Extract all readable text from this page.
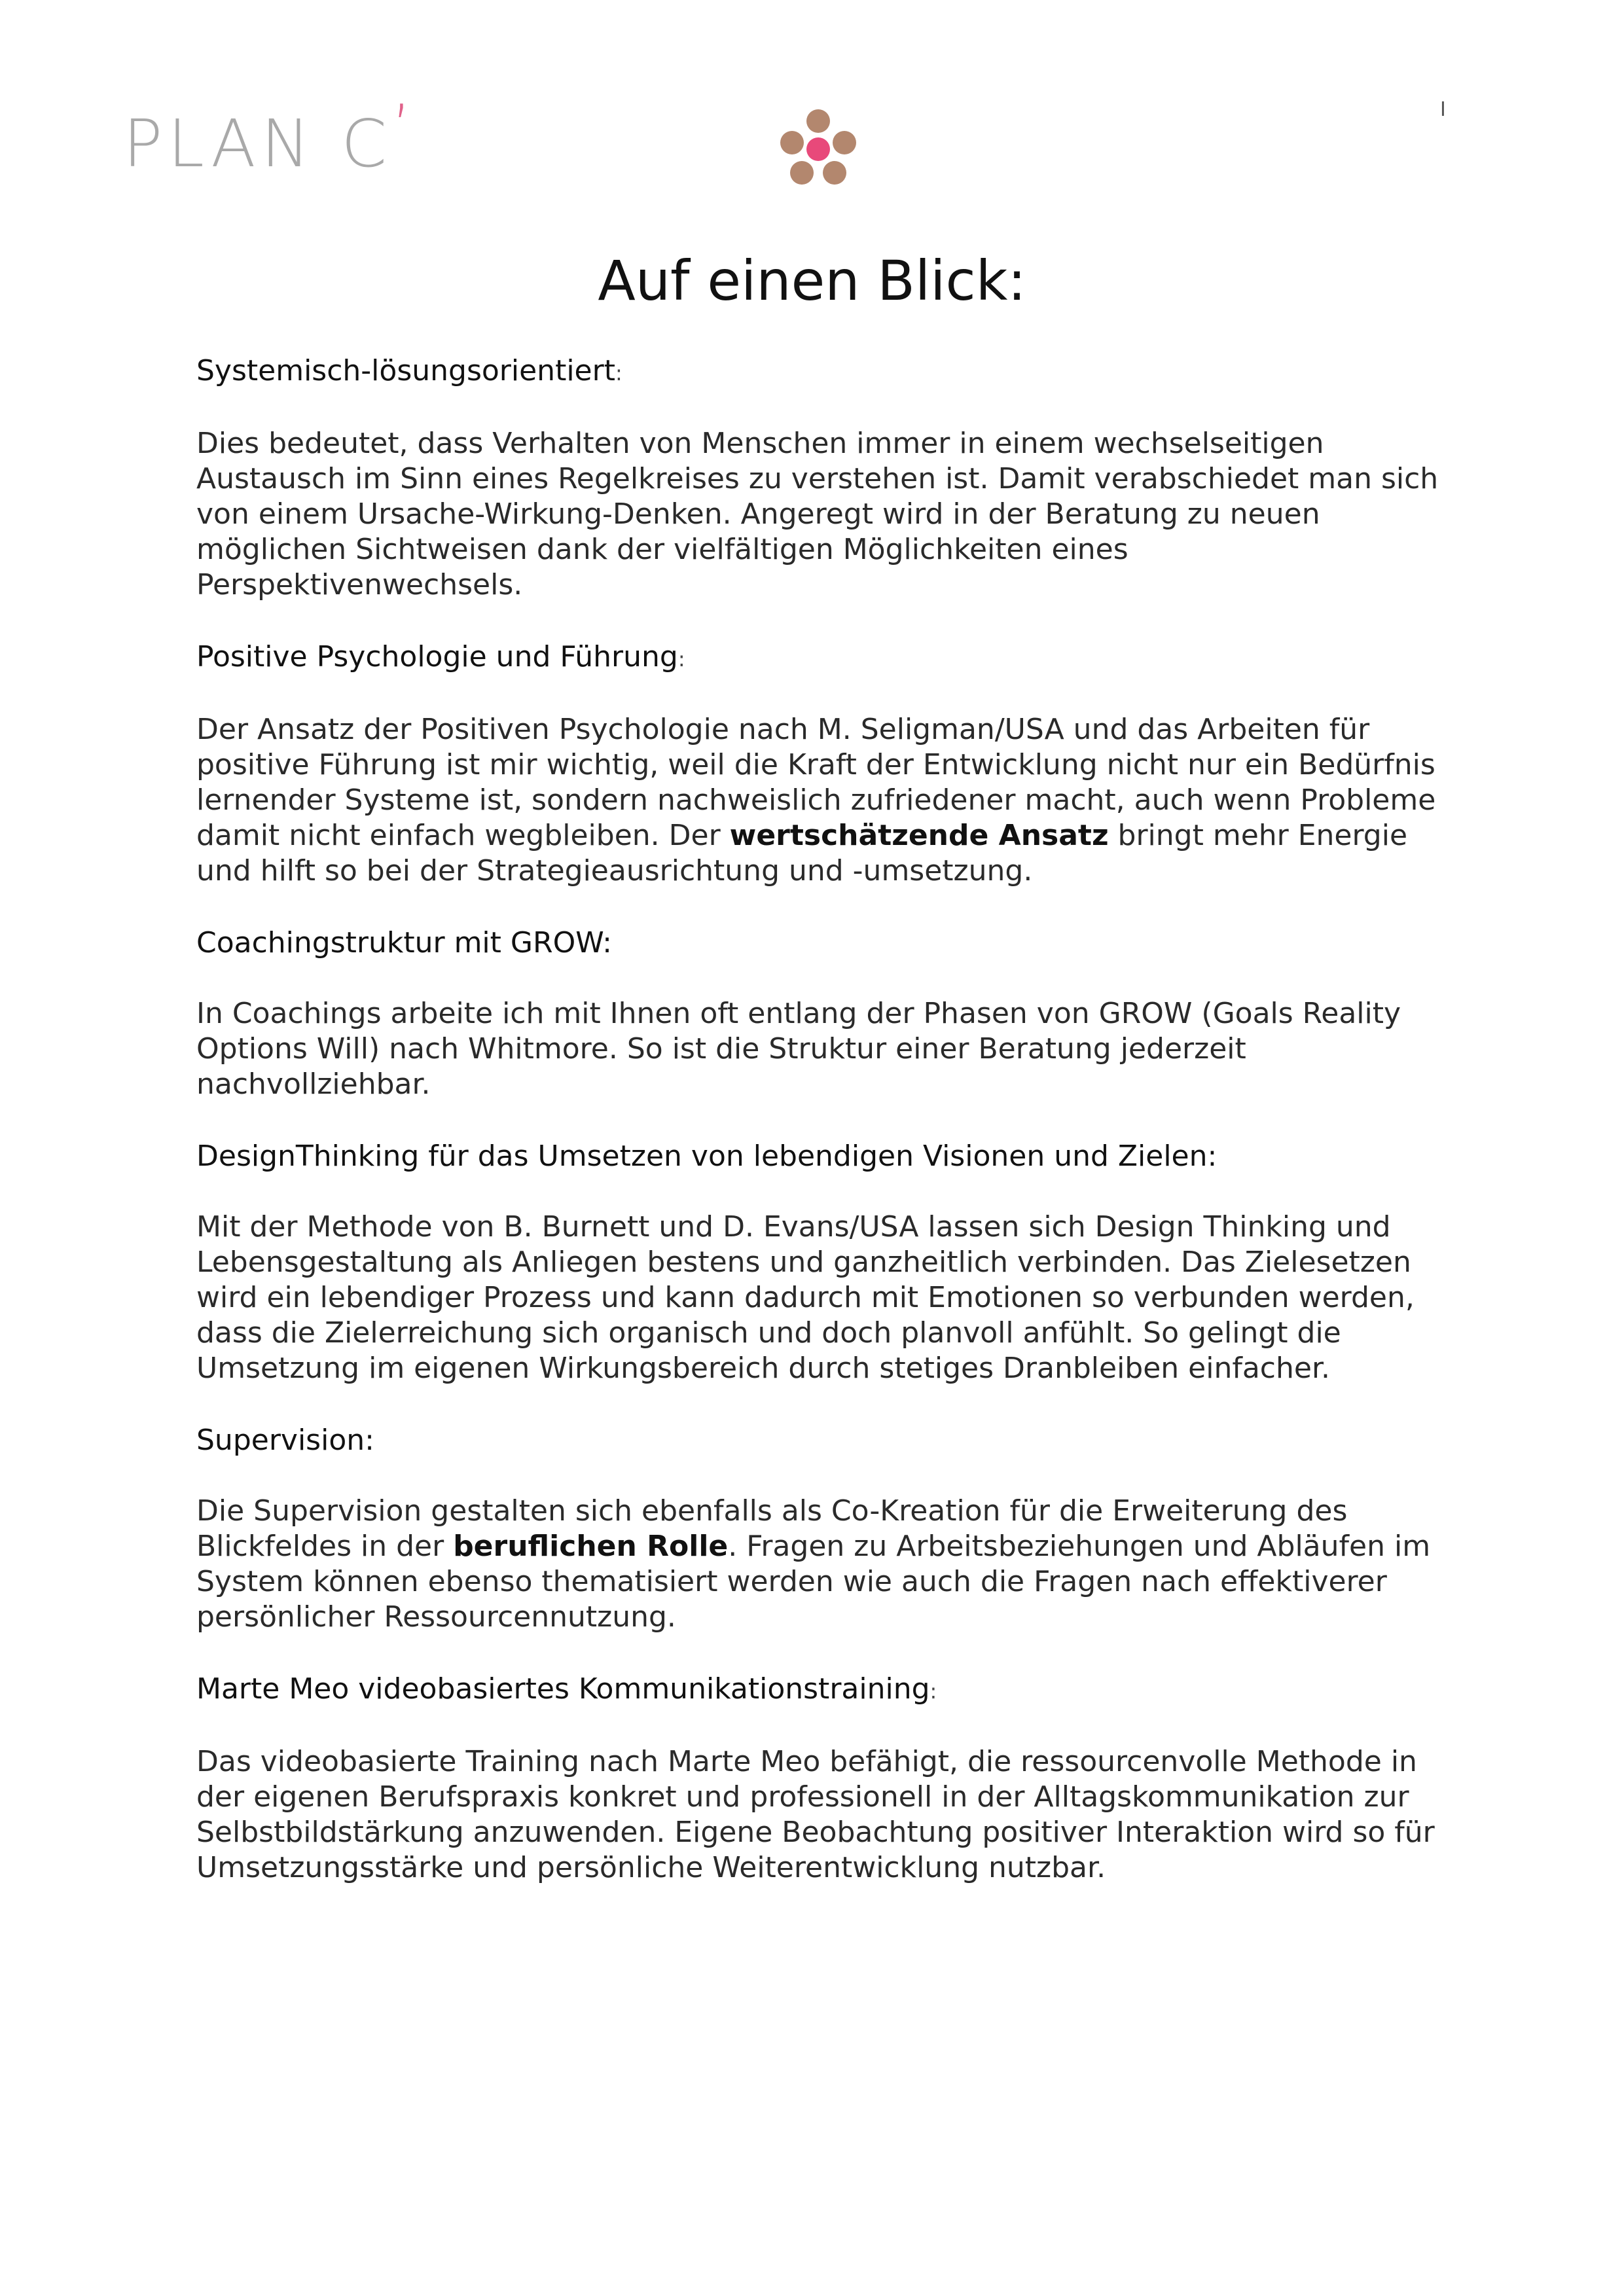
PLAN C’	I
Auf einen Blick:

Systemisch-lösungsorientiert:

Dies bedeutet, dass Verhalten von Menschen immer in einem wechselseitigen Austausch im Sinn eines Regelkreises zu verstehen ist. Damit verabschiedet man sich von einem Ursache-Wirkung-Denken. Angeregt wird in der Beratung zu neuen möglichen Sichtweisen dank der vielfältigen Möglichkeiten eines Perspektivenwechsels.

Positive Psychologie und Führung:

Der Ansatz der Positiven Psychologie nach M. Seligman/USA und das Arbeiten für positive Führung ist mir wichtig, weil die Kraft der Entwicklung nicht nur ein Bedürfnis lernender Systeme ist, sondern nachweislich zufriedener macht, auch wenn Probleme damit nicht einfach wegbleiben. Der wertschätzende Ansatz bringt mehr Energie und hilft so bei der Strategieausrichtung und -umsetzung.

Coachingstruktur mit GROW:

In Coachings arbeite ich mit Ihnen oft entlang der Phasen von GROW (Goals Reality Options Will) nach Whitmore. So ist die Struktur einer Beratung jederzeit nachvollziehbar.

DesignThinking für das Umsetzen von lebendigen Visionen und Zielen:

Mit der Methode von B. Burnett und D. Evans/USA lassen sich Design Thinking und Lebensgestaltung als Anliegen bestens und ganzheitlich verbinden. Das Zielesetzen wird ein lebendiger Prozess und kann dadurch mit Emotionen so verbunden werden, dass die Zielerreichung sich organisch und doch planvoll anfühlt. So gelingt die Umsetzung im eigenen Wirkungsbereich durch stetiges Dranbleiben einfacher.

Supervision:

Die Supervision gestalten sich ebenfalls als Co-Kreation für die Erweiterung des Blickfeldes in der beruflichen Rolle. Fragen zu Arbeitsbeziehungen und Abläufen im System können ebenso thematisiert werden wie auch die Fragen nach effektiverer persönlicher Ressourcennutzung.

Marte Meo videobasiertes Kommunikationstraining:

Das videobasierte Training nach Marte Meo befähigt, die ressourcenvolle Methode in der eigenen Berufspraxis konkret und professionell in der Alltagskommunikation zur Selbstbildstärkung anzuwenden. Eigene Beobachtung positiver Interaktion wird so für Umsetzungsstärke und persönliche Weiterentwicklung nutzbar.
